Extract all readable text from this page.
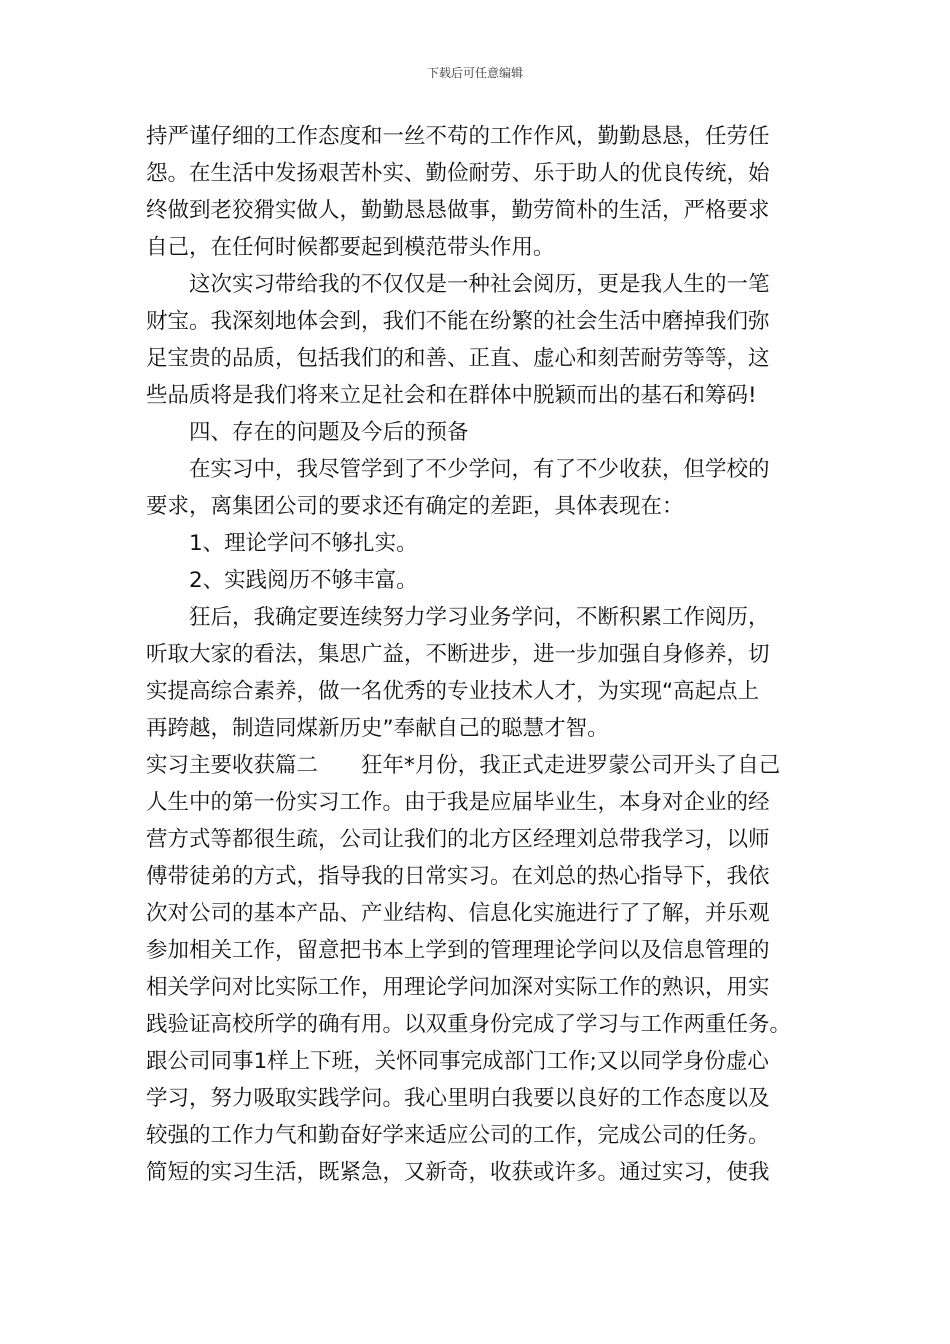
下载后可任意编辑
持严谨仔细的工作态度和一丝不苟的工作作风，勤勤恳恳，任劳任
怨。在生活中发扬艰苦朴实、勤俭耐劳、乐于助人的优良传统，始
终做到老狡猾实做人，勤勤恳恳做事，勤劳简朴的生活，严格要求
自己，在任何时候都要起到模范带头作用。
这次实习带给我的不仅仅是一种社会阅历，更是我人生的一笔
财宝。我深刻地体会到，我们不能在纷繁的社会生活中磨掉我们弥
足宝贵的品质，包括我们的和善、正直、虚心和刻苦耐劳等等，这
些品质将是我们将来立足社会和在群体中脱颖而出的基石和筹码!
四、存在的问题及今后的预备
在实习中，我尽管学到了不少学问，有了不少收获，但学校的
要求，离集团公司的要求还有确定的差距，具体表现在：
1、理论学问不够扎实。
2、实践阅历不够丰富。
狂后，我确定要连续努力学习业务学问，不断积累工作阅历，
听取大家的看法，集思广益，不断进步，进一步加强自身修养，切
实提高综合素养，做一名优秀的专业技术人才，为实现“高起点上
再跨越，制造同煤新历史”奉献自己的聪慧才智。
实习主要收获篇二　　狂年*月份，我正式走进罗蒙公司开头了自己
人生中的第一份实习工作。由于我是应届毕业生，本身对企业的经
营方式等都很生疏，公司让我们的北方区经理刘总带我学习，以师
傅带徒弟的方式，指导我的日常实习。在刘总的热心指导下，我依
次对公司的基本产品、产业结构、信息化实施进行了了解，并乐观
参加相关工作，留意把书本上学到的管理理论学问以及信息管理的
相关学问对比实际工作，用理论学问加深对实际工作的熟识，用实
践验证高校所学的确有用。以双重身份完成了学习与工作两重任务。
跟公司同事1样上下班，关怀同事完成部门工作;又以同学身份虚心
学习，努力吸取实践学问。我心里明白我要以良好的工作态度以及
较强的工作力气和勤奋好学来适应公司的工作，完成公司的任务。
简短的实习生活，既紧急，又新奇，收获或许多。通过实习，使我
